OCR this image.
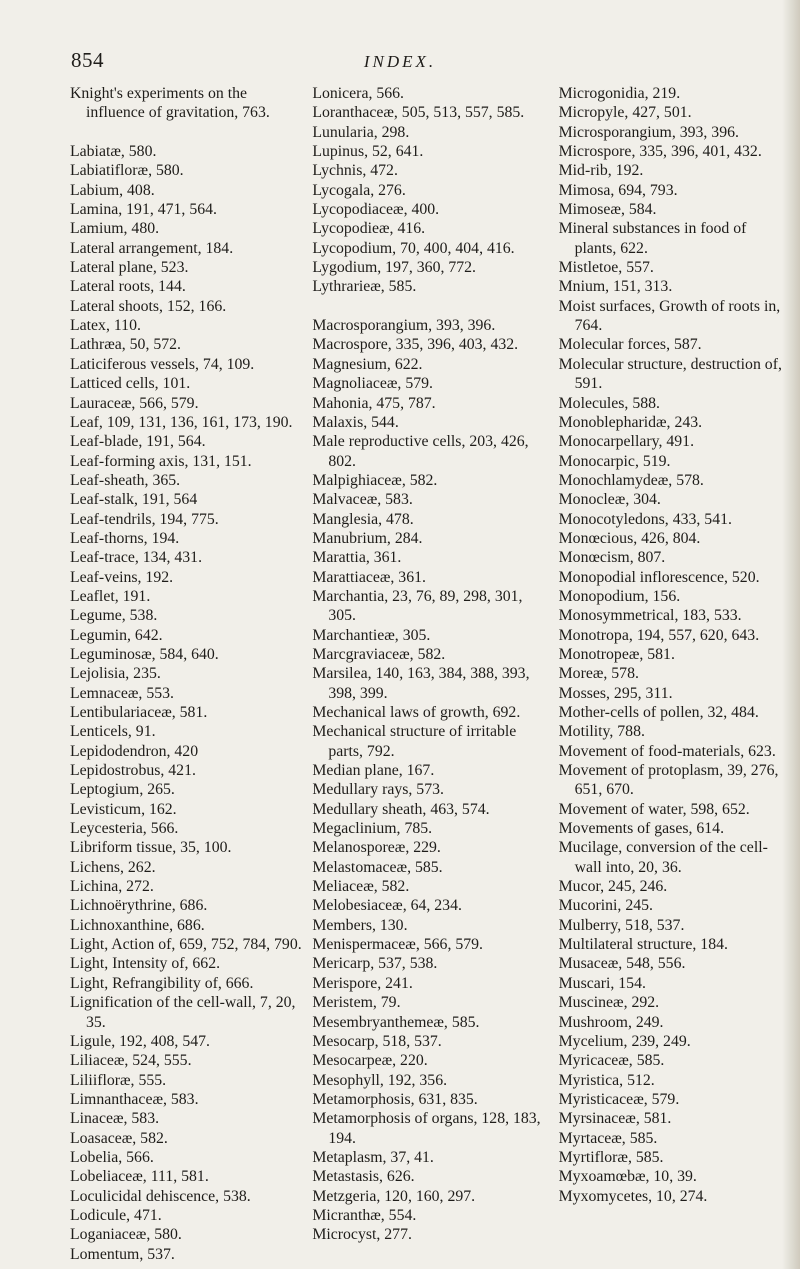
854	INDEX.
Knight's experiments on the influence of gravitation, 763.
Labiatæ, 580.
Labiatifloræ, 580.
Labium, 408.
Lamina, 191, 471, 564.
Lamium, 480.
Lateral arrangement, 184.
Lateral plane, 523.
Lateral roots, 144.
Lateral shoots, 152, 166.
Latex, 110.
Lathræa, 50, 572.
Laticiferous vessels, 74, 109.
Latticed cells, 101.
Lauraceæ, 566, 579.
Leaf, 109, 131, 136, 161, 173, 190.
Leaf-blade, 191, 564.
Leaf-forming axis, 131, 151.
Leaf-sheath, 365.
Leaf-stalk, 191, 564
Leaf-tendrils, 194, 775.
Leaf-thorns, 194.
Leaf-trace, 134, 431.
Leaf-veins, 192.
Leaflet, 191.
Legume, 538.
Legumin, 642.
Leguminosæ, 584, 640.
Lejolisia, 235.
Lemnaceæ, 553.
Lentibulariaceæ, 581.
Lenticels, 91.
Lepidodendron, 420
Lepidostrobus, 421.
Leptogium, 265.
Levisticum, 162.
Leycesteria, 566.
Libriform tissue, 35, 100.
Lichens, 262.
Lichina, 272.
Lichnoërythrine, 686.
Lichnoxanthine, 686.
Light, Action of, 659, 752, 784, 790.
Light, Intensity of, 662.
Light, Refrangibility of, 666.
Lignification of the cell-wall, 7, 20, 35.
Ligule, 192, 408, 547.
Liliaceæ, 524, 555.
Liliifloræ, 555.
Limnanthaceæ, 583.
Linaceæ, 583.
Loasaceæ, 582.
Lobelia, 566.
Lobeliaceæ, 111, 581.
Loculicidal dehiscence, 538.
Lodicule, 471.
Loganiaceæ, 580.
Lomentum, 537.
Lonicera, 566.
Loranthaceæ, 505, 513, 557, 585.
Lunularia, 298.
Lupinus, 52, 641.
Lychnis, 472.
Lycogala, 276.
Lycopodiaceæ, 400.
Lycopodieæ, 416.
Lycopodium, 70, 400, 404, 416.
Lygodium, 197, 360, 772.
Lythrarieæ, 585.
Macrosporangium, 393, 396.
Macrospore, 335, 396, 403, 432.
Magnesium, 622.
Magnoliaceæ, 579.
Mahonia, 475, 787.
Malaxis, 544.
Male reproductive cells, 203, 426, 802.
Malpighiaceæ, 582.
Malvaceæ, 583.
Manglesia, 478.
Manubrium, 284.
Marattia, 361.
Marattiaceæ, 361.
Marchantia, 23, 76, 89, 298, 301, 305.
Marchantieæ, 305.
Marcgraviaceæ, 582.
Marsilea, 140, 163, 384, 388, 393, 398, 399.
Mechanical laws of growth, 692.
Mechanical structure of irritable parts, 792.
Median plane, 167.
Medullary rays, 573.
Medullary sheath, 463, 574.
Megaclinium, 785.
Melanosporeæ, 229.
Melastomaceæ, 585.
Meliaceæ, 582.
Melobesiaceæ, 64, 234.
Members, 130.
Menispermaceæ, 566, 579.
Mericarp, 537, 538.
Merispore, 241.
Meristem, 79.
Mesembryanthemeæ, 585.
Mesocarp, 518, 537.
Mesocarpeæ, 220.
Mesophyll, 192, 356.
Metamorphosis, 631, 835.
Metamorphosis of organs, 128, 183, 194.
Metaplasm, 37, 41.
Metastasis, 626.
Metzgeria, 120, 160, 297.
Micranthæ, 554.
Microcyst, 277.
Microgonidia, 219.
Micropyle, 427, 501.
Microsporangium, 393, 396.
Microspore, 335, 396, 401, 432.
Mid-rib, 192.
Mimosa, 694, 793.
Mimoseæ, 584.
Mineral substances in food of plants, 622.
Mistletoe, 557.
Mnium, 151, 313.
Moist surfaces, Growth of roots in, 764.
Molecular forces, 587.
Molecular structure, destruction of, 591.
Molecules, 588.
Monoblepharidæ, 243.
Monocarpellary, 491.
Monocarpic, 519.
Monochlamydeæ, 578.
Monocleæ, 304.
Monocotyledons, 433, 541.
Monœcious, 426, 804.
Monœcism, 807.
Monopodial inflorescence, 520.
Monopodium, 156.
Monosymmetrical, 183, 533.
Monotropa, 194, 557, 620, 643.
Monotropeæ, 581.
Moreæ, 578.
Mosses, 295, 311.
Mother-cells of pollen, 32, 484.
Motility, 788.
Movement of food-materials, 623.
Movement of protoplasm, 39, 276, 651, 670.
Movement of water, 598, 652.
Movements of gases, 614.
Mucilage, conversion of the cell-wall into, 20, 36.
Mucor, 245, 246.
Mucorini, 245.
Mulberry, 518, 537.
Multilateral structure, 184.
Musaceæ, 548, 556.
Muscari, 154.
Muscineæ, 292.
Mushroom, 249.
Mycelium, 239, 249.
Myricaceæ, 585.
Myristica, 512.
Myristicaceæ, 579.
Myrsinaceæ, 581.
Myrtaceæ, 585.
Myrtifloræ, 585.
Myxoamœbæ, 10, 39.
Myxomycetes, 10, 274.
